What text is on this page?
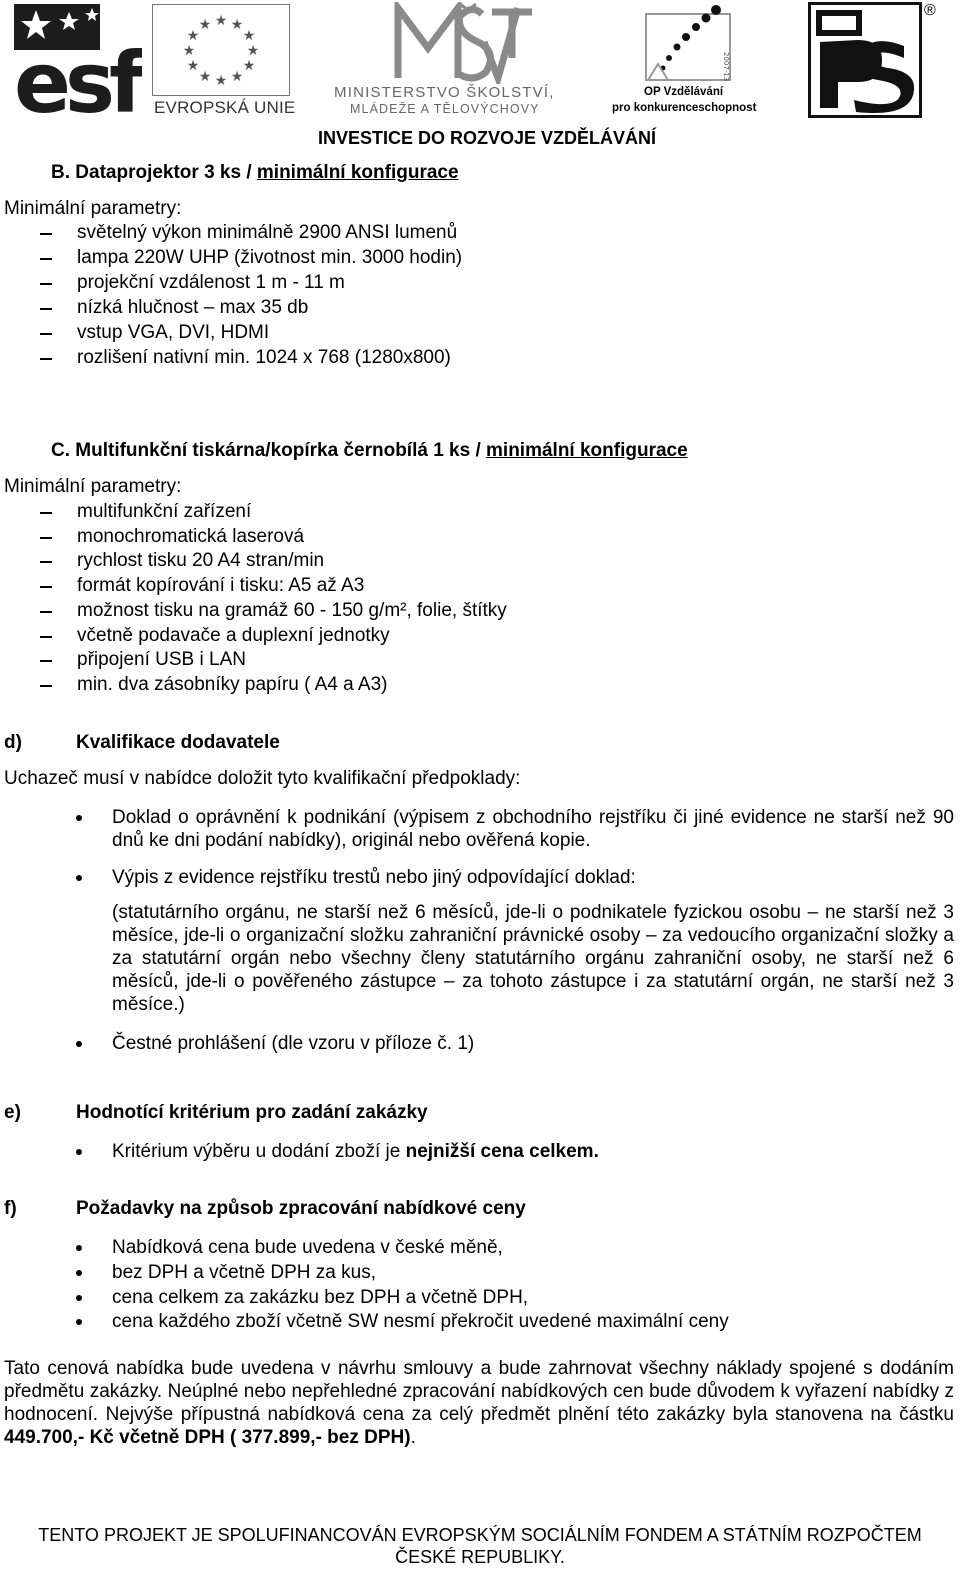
esf
★ ★
★
★
★
★
★
★
★
★
★
★
EVROPSKÁ UNIE
MINISTERSTVO ŠKOLSTVÍ,
MLÁDEŽE A TĚLOVÝCHOVY
2007-13
OP Vzdělávání
pro konkurenceschopnost
®
INVESTICE DO ROZVOJE VZDĚLÁVÁNÍ
B. Dataprojektor 3 ks / minimální konfigurace
Minimální parametry:
světelný výkon minimálně 2900 ANSI lumenů
lampa 220W UHP (životnost min. 3000 hodin)
projekční vzdálenost 1 m - 11 m
nízká hlučnost – max 35 db
vstup VGA, DVI, HDMI
rozlišení nativní min. 1024 x 768 (1280x800)
C. Multifunkční tiskárna/kopírka černobílá 1 ks / minimální konfigurace
Minimální parametry:
multifunkční zařízení
monochromatická laserová
rychlost tisku 20 A4 stran/min
formát kopírování i tisku: A5 až A3
možnost tisku na gramáž 60 - 150 g/m², folie, štítky
včetně podavače a duplexní jednotky
připojení USB i LAN
min. dva zásobníky papíru ( A4 a A3)
d)	Kvalifikace dodavatele
Uchazeč musí v nabídce doložit tyto kvalifikační předpoklady:
Doklad o oprávnění k podnikání (výpisem z obchodního rejstříku či jiné evidence ne starší než 90 dnů ke dni podání nabídky), originál nebo ověřená kopie.
Výpis z evidence rejstříku trestů nebo jiný odpovídající doklad:
(statutárního orgánu, ne starší než 6 měsíců, jde-li o podnikatele fyzickou osobu – ne starší než 3 měsíce, jde-li o organizační složku zahraniční právnické osoby – za vedoucího organizační složky a za statutární orgán nebo všechny členy statutárního orgánu zahraniční osoby, ne starší než 6 měsíců, jde-li o pověřeného zástupce – za tohoto zástupce i za statutární orgán, ne starší než 3 měsíce.)
Čestné prohlášení (dle vzoru v příloze č. 1)
e)	Hodnotící kritérium pro zadání zakázky
Kritérium výběru u dodání zboží je nejnižší cena celkem.
f)	Požadavky na způsob zpracování nabídkové ceny
Nabídková cena bude uvedena v české měně,
bez DPH a včetně DPH za kus,
cena celkem za zakázku bez DPH a včetně DPH,
cena každého zboží včetně SW nesmí překročit uvedené maximální ceny
Tato cenová nabídka bude uvedena v návrhu smlouvy a bude zahrnovat všechny náklady spojené s dodáním předmětu zakázky. Neúplné nebo nepřehledné zpracování nabídkových cen bude důvodem k vyřazení nabídky z hodnocení. Nejvýše přípustná nabídková cena za celý předmět plnění této zakázky byla stanovena na částku 449.700,- Kč včetně DPH ( 377.899,- bez DPH).
TENTO PROJEKT JE SPOLUFINANCOVÁN EVROPSKÝM SOCIÁLNÍM FONDEM A STÁTNÍM ROZPOČTEM
ČESKÉ REPUBLIKY.
